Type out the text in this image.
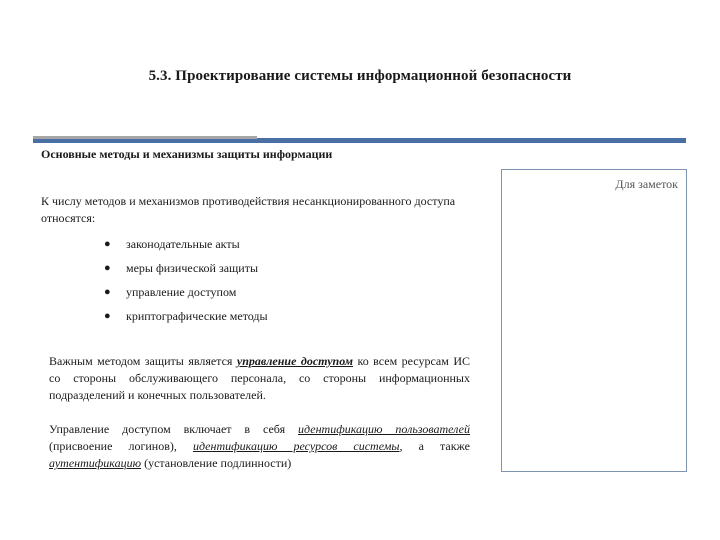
5.3. Проектирование системы информационной безопасности
Основные методы и механизмы защиты информации
Для заметок
К числу методов и механизмов противодействия несанкционированного доступа относятся:
● законодательные акты
● меры физической защиты
● управление доступом
● криптографические методы
Важным методом защиты является управление доступом ко всем ресурсам ИС со стороны обслуживающего персонала, со стороны информационных подразделений и конечных пользователей.
Управление доступом включает в себя идентификацию пользователей (присвоение логинов), идентификацию ресурсов системы, а также аутентификацию (установление подлинности)
